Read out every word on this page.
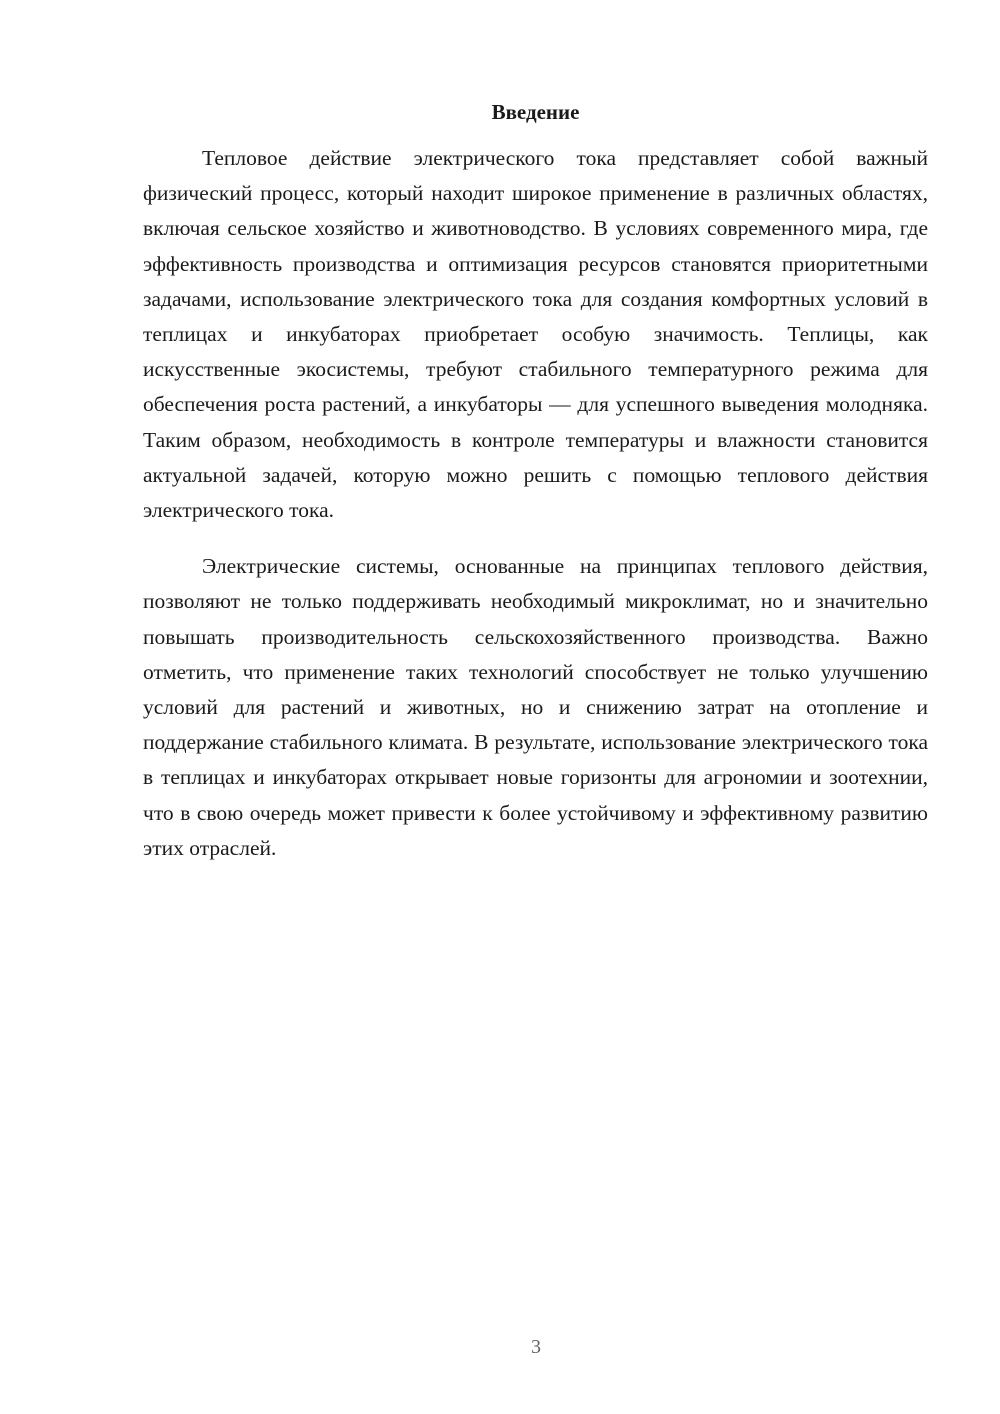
Введение

Тепловое действие электрического тока представляет собой важный физический процесс, который находит широкое применение в различных областях, включая сельское хозяйство и животноводство. В условиях современного мира, где эффективность производства и оптимизация ресурсов становятся приоритетными задачами, использование электрического тока для создания комфортных условий в теплицах и инкубаторах приобретает особую значимость. Теплицы, как искусственные экосистемы, требуют стабильного температурного режима для обеспечения роста растений, а инкубаторы — для успешного выведения молодняка. Таким образом, необходимость в контроле температуры и влажности становится актуальной задачей, которую можно решить с помощью теплового действия электрического тока.

Электрические системы, основанные на принципах теплового действия, позволяют не только поддерживать необходимый микроклимат, но и значительно повышать производительность сельскохозяйственного производства. Важно отметить, что применение таких технологий способствует не только улучшению условий для растений и животных, но и снижению затрат на отопление и поддержание стабильного климата. В результате, использование электрического тока в теплицах и инкубаторах открывает новые горизонты для агрономии и зоотехнии, что в свою очередь может привести к более устойчивому и эффективному развитию этих отраслей.

3
